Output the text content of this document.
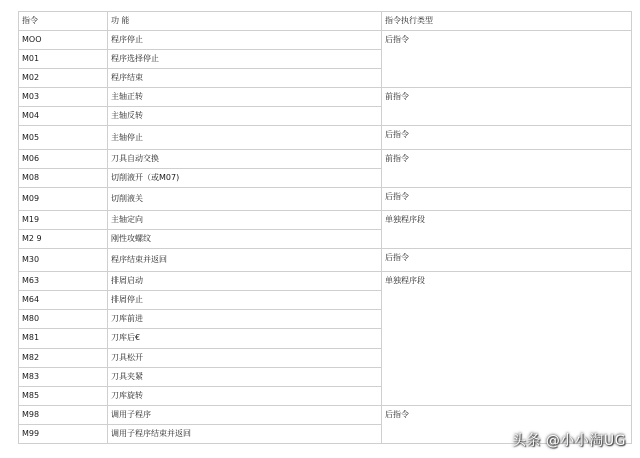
指令	功 能	指令执行类型
MOO	程序停止	后指令
M01	程序选择停止	
M02	程序结束	
M03	主轴正转	前指令
M04	主轴反转	
M05	主轴停止	后指令
M06	刀具自动交换	前指令
M08	切削液开（或M07)	
M09	切削液关	后指令
M19	主轴定向	单独程序段
M2 9	刚性攻螺纹	
M30	程序结束并返回	后指令
M63	排屑启动	单独程序段
M64	排屑停止	
M80	刀库前进	
M81	刀库后€	
M82	刀具松开	
M83	刀具夹紧	
M85	刀库旋转	
M98	调用子程序	后指令
M99	调用子程序结束并返回		头条 @小小淘UG
